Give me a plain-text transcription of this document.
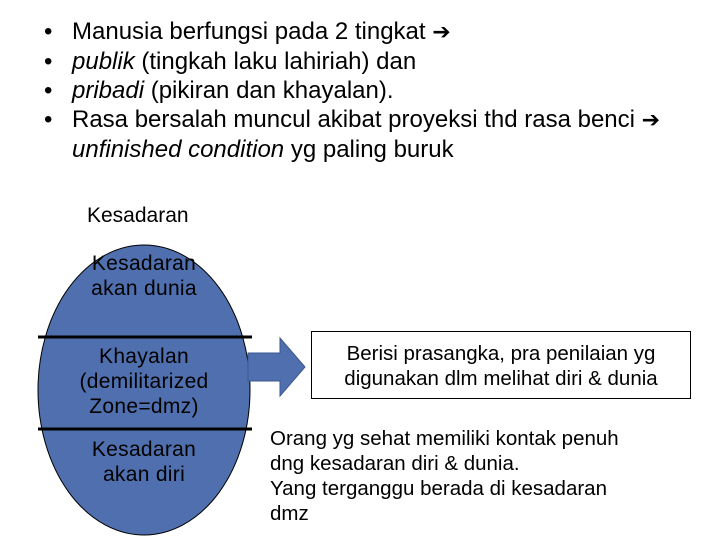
• Manusia berfungsi pada 2 tingkat ➔
• publik (tingkah laku lahiriah) dan
• pribadi (pikiran dan khayalan).
• Rasa bersalah muncul akibat proyeksi thd rasa benci ➔ unfinished condition yg paling buruk
Kesadaran
Kesadaran
akan dunia
Khayalan
(demilitarized
Zone=dmz)
Kesadaran
akan diri
Berisi prasangka, pra penilaian yg
digunakan dlm melihat diri & dunia
Orang yg sehat memiliki kontak penuh
dng kesadaran diri & dunia.
Yang terganggu berada di kesadaran
dmz
